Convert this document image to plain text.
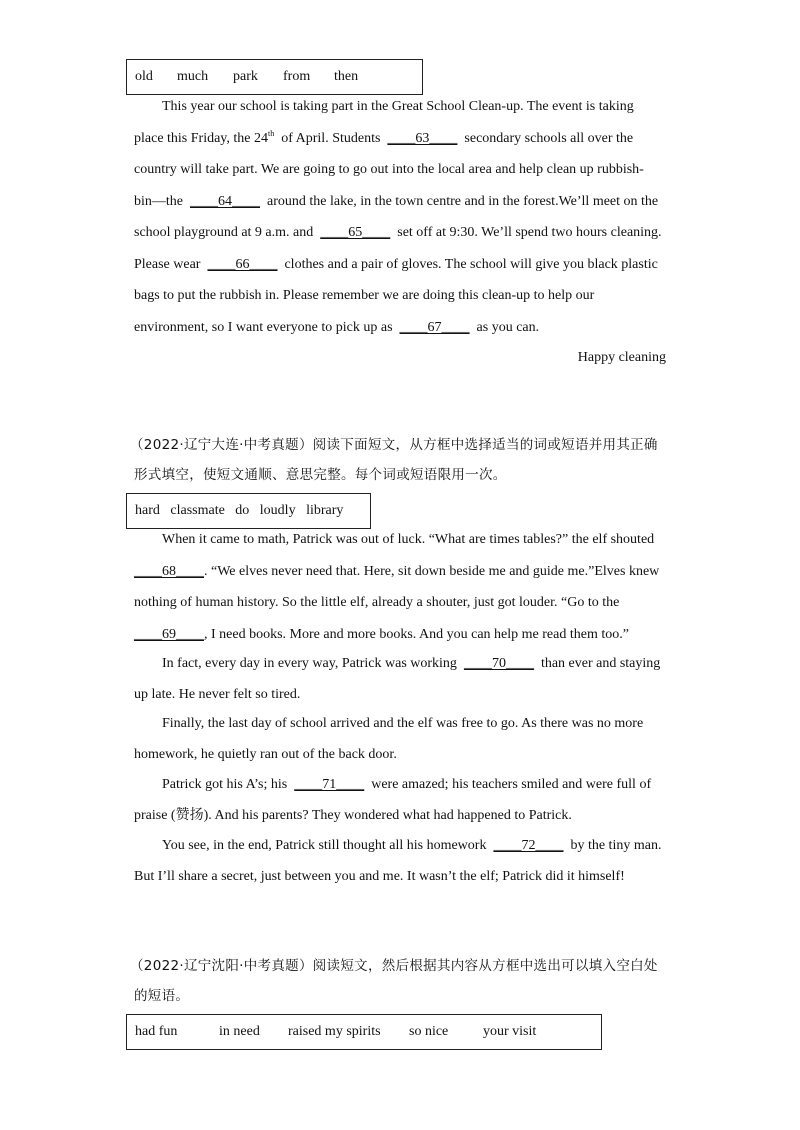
old much park from then
This year our school is taking part in the Great School Clean-up. The event is taking
place this Friday, the 24th  of April. Students  ____63____  secondary schools all over the
country will take part. We are going to go out into the local area and help clean up rubbish-
bin—the  ____64____  around the lake, in the town centre and in the forest.We’ll meet on the
school playground at 9 a.m. and  ____65____  set off at 9:30. We’ll spend two hours cleaning.
Please wear  ____66____  clothes and a pair of gloves. The school will give you black plastic
bags to put the rubbish in. Please remember we are doing this clean-up to help our
environment, so I want everyone to pick up as  ____67____  as you can.
Happy cleaning
（2022·辽宁大连·中考真题）阅读下面短文，从方框中选择适当的词或短语并用其正确
形式填空，使短文通顺、意思完整。每个词或短语限用一次。
hard   classmate   do   loudly   library
When it came to math, Patrick was out of luck. “What are times tables?” the elf shouted
____68____. “We elves never need that. Here, sit down beside me and guide me.”Elves knew
nothing of human history. So the little elf, already a shouter, just got louder. “Go to the
____69____, I need books. More and more books. And you can help me read them too.”
In fact, every day in every way, Patrick was working  ____70____  than ever and staying
up late. He never felt so tired.
Finally, the last day of school arrived and the elf was free to go. As there was no more
homework, he quietly ran out of the back door.
Patrick got his A’s; his  ____71____  were amazed; his teachers smiled and were full of
praise (赞扬). And his parents? They wondered what had happened to Patrick.
You see, in the end, Patrick still thought all his homework  ____72____  by the tiny man.
But I’ll share a secret, just between you and me. It wasn’t the elf; Patrick did it himself!
（2022·辽宁沈阳·中考真题）阅读短文，然后根据其内容从方框中选出可以填入空白处
的短语。
had fun	in need raised my spirits so nice your visit
